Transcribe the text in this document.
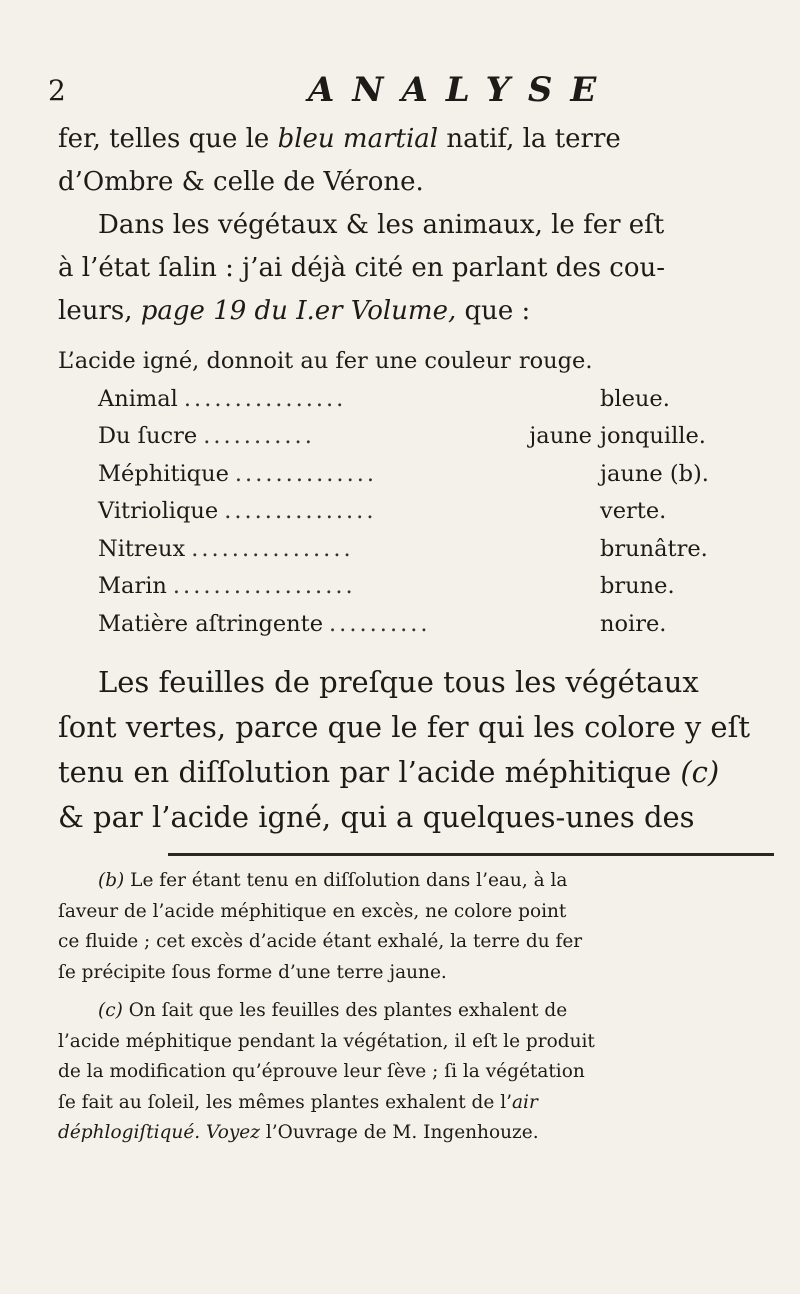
2	ANALYSE

fer, telles que le bleu martial natif, la terre
d’Ombre & celle de Vérone.
Dans les végétaux & les animaux, le fer eſt
à l’état ſalin : j’ai déjà cité en parlant des cou-
leurs, page 19 du I.er Volume, que :

L’acide igné, donnoit au fer une couleur rouge.
Animal ................	bleue.
Du ſucre ...........	jaune jonquille.
Méphitique ..............	jaune (b).
Vitriolique ...............	verte.
Nitreux ................	brunâtre.
Marin ..................	brune.
Matière aſtringente ..........	noire.

Les feuilles de preſque tous les végétaux
ſont vertes, parce que le fer qui les colore y eſt
tenu en diſſolution par l’acide méphitique (c)
& par l’acide igné, qui a quelques-unes des

(b) Le fer étant tenu en diſſolution dans l’eau, à la
ſaveur de l’acide méphitique en excès, ne colore point
ce fluide ; cet excès d’acide étant exhalé, la terre du fer
ſe précipite ſous forme d’une terre jaune.

(c) On ſait que les feuilles des plantes exhalent de
l’acide méphitique pendant la végétation, il eſt le produit
de la modification qu’éprouve leur ſève ; ſi la végétation
ſe fait au ſoleil, les mêmes plantes exhalent de l’air
déphlogiſtiqué. Voyez l’Ouvrage de M. Ingenhouze.
